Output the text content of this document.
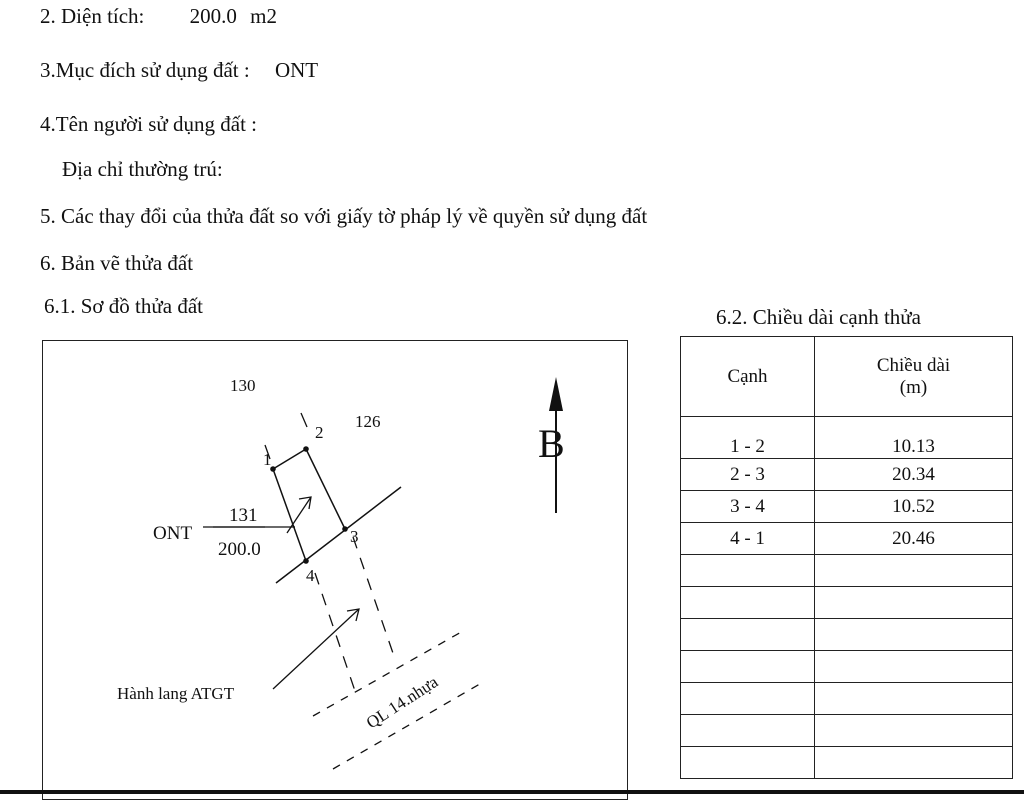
2. Diện tích: 200.0 m2
3.Mục đích sử dụng đất : ONT
4.Tên người sử dụng đất :
Địa chỉ thường trú:
5. Các thay đổi của thửa đất so với giấy tờ pháp lý về quyền sử dụng đất
6. Bản vẽ thửa đất
6.1. Sơ đồ thửa đất	6.2. Chiều dài cạnh thửa
B
130
126
1
2
3
4
ONT
131
200.0
Hành lang ATGT	QL 14.nhựa
Cạnh	Chiều dài
(m)

1 - 2	10.13
2 - 3	20.34
3 - 4	10.52
4 - 1	20.46
